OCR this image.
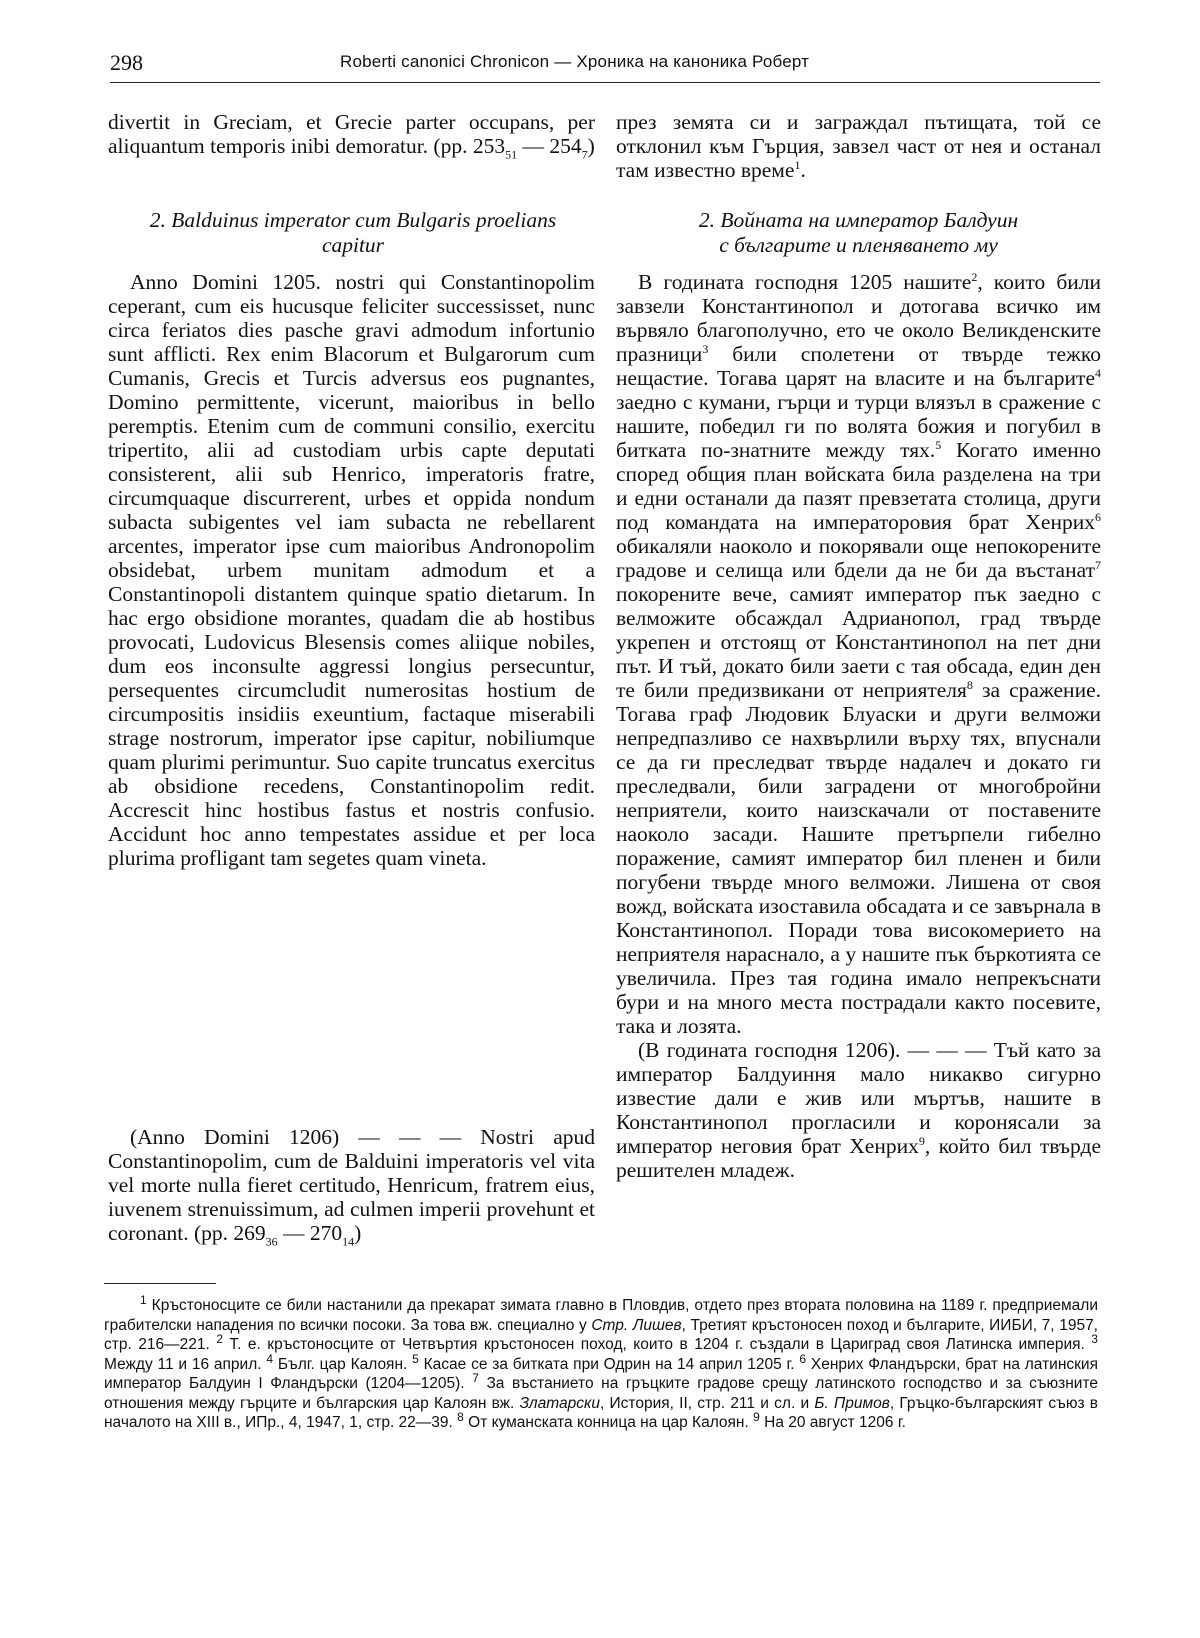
298	Roberti canonici Chronicon — Хроника на каноника Роберт

divertit in Greciam, et Grecie parter occupans, per aliquantum temporis inibi demoratur. (pp. $253_{51}$ — $254_7$)

2. Balduinus imperator cum Bulgaris proelians capitur

Anno Domini 1205. nostri qui Constantinopolim ceperant, cum eis hucusque feliciter successisset, nunc circa feriatos dies pasche gravi admodum infortunio sunt afflicti. Rex enim Blacorum et Bulgarorum cum Cumanis, Grecis et Turcis adversus eos pugnantes, Domino permittente, vicerunt, maioribus in bello peremptis. Etenim cum de communi consilio, exercitu tripertito, alii ad custodiam urbis capte deputati consisterent, alii sub Henrico, imperatoris fratre, circumquaque discurrerent, urbes et oppida nondum subacta subigentes vel iam subacta ne rebellarent arcentes, imperator ipse cum maioribus Andronopolim obsidebat, urbem munitam admodum et a Constantinopoli distantem quinque spatio dietarum. In hac ergo obsidione morantes, quadam die ab hostibus provocati, Ludovicus Blesensis comes aliique nobiles, dum eos inconsulte aggressi longius persecuntur, persequentes circumcludit numerositas hostium de circumpositis insidiis exeuntium, factaque miserabili strage nostrorum, imperator ipse capitur, nobiliumque quam plurimi perimuntur. Suo capite truncatus exercitus ab obsidione recedens, Constantinopolim redit. Accrescit hinc hostibus fastus et nostris confusio. Accidunt hoc anno tempestates assidue et per loca plurima profligant tam segetes quam vineta.

(Anno Domini 1206) — — — Nostri apud Constantinopolim, cum de Balduini imperatoris vel vita vel morte nulla fieret certitudo, Henricum, fratrem eius, iuvenem strenuissimum, ad culmen imperii provehunt et coronant. (pp. $269_{36}$ — $270_{14}$)

през земята си и заграждал пътищата, той се отклонил към Гърция, завзел част от нея и останал там известно време$^1$.

2. Войната на император Балдуин
с българите и пленяването му

В годината господня 1205 нашите$^2$, които били завзели Константинопол и дотогава всичко им вървяло благополучно, ето че около Великденските празници$^3$ били сполетени от твърде тежко нещастие. Тогава царят на власите и на българите$^4$ заедно с кумани, гърци и турци влязъл в сражение с нашите, победил ги по волята божия и погубил в битката по-знатните между тях.$^5$ Когато именно според общия план войската била разделена на три и едни останали да пазят превзетата столица, други под командата на императоровия брат Хенрих$^6$ обикаляли наоколо и покорявали още непокорените градове и селища или бдели да не би да въстанат$^7$ покорените вече, самият император пък заедно с велможите обсаждал Адрианопол, град твърде укрепен и отстоящ от Константинопол на пет дни път. И тъй, докато били заети с тая обсада, един ден те били предизвикани от неприятеля$^8$ за сражение. Тогава граф Людовик Блуаски и други велможи непредпазливо се нахвърлили върху тях, впуснали се да ги преследват твърде надалеч и докато ги преследвали, били заградени от многобройни неприятели, които наизскачали от поставените наоколо засади. Нашите претърпели гибелно поражение, самият император бил пленен и били погубени твърде много велможи. Лишена от своя вожд, войската изоставила обсадата и се завърнала в Константинопол. Поради това високомерието на неприятеля нараснало, а у нашите пък бъркотията се увеличила. През тая година имало непрекъснати бури и на много места пострадали както посевите, така и лозята.

(В годината господня 1206). — — — Тъй като за император Балдуиння мало никакво сигурно известие дали е жив или мъртъв, нашите в Константинопол прогласили и коронясали за император неговия брат Хенрих$^9$, който бил твърде решителен младеж.

$^1$ Кръстоносците се били настанили да прекарат зимата главно в Пловдив, отдето през втората половина на 1189 г. предприемали грабителски нападения по всички посоки. За това вж. специално у Стр. Лишев, Третият кръстоносен поход и българите, ИИБИ, 7, 1957, стр. 216—221. $^2$ Т. е. кръстоносците от Четвъртия кръстоносен поход, които в 1204 г. създали в Цариград своя Латинска империя. $^3$ Между 11 и 16 април. $^4$ Бълг. цар Калоян. $^5$ Касае се за битката при Одрин на 14 април 1205 г. $^6$ Хенрих Фландърски, брат на латинския император Балдуин I Фландърски (1204—1205). $^7$ За въстанието на гръцките градове срещу латинското господство и за съюзните отношения между гърците и българския цар Калоян вж. Златарски, История, II, стр. 211 и сл. и Б. Примов, Гръцко-българският съюз в началото на XIII в., ИПр., 4, 1947, 1, стр. 22—39. $^8$ От куманската конница на цар Калоян. $^9$ На 20 август 1206 г.
